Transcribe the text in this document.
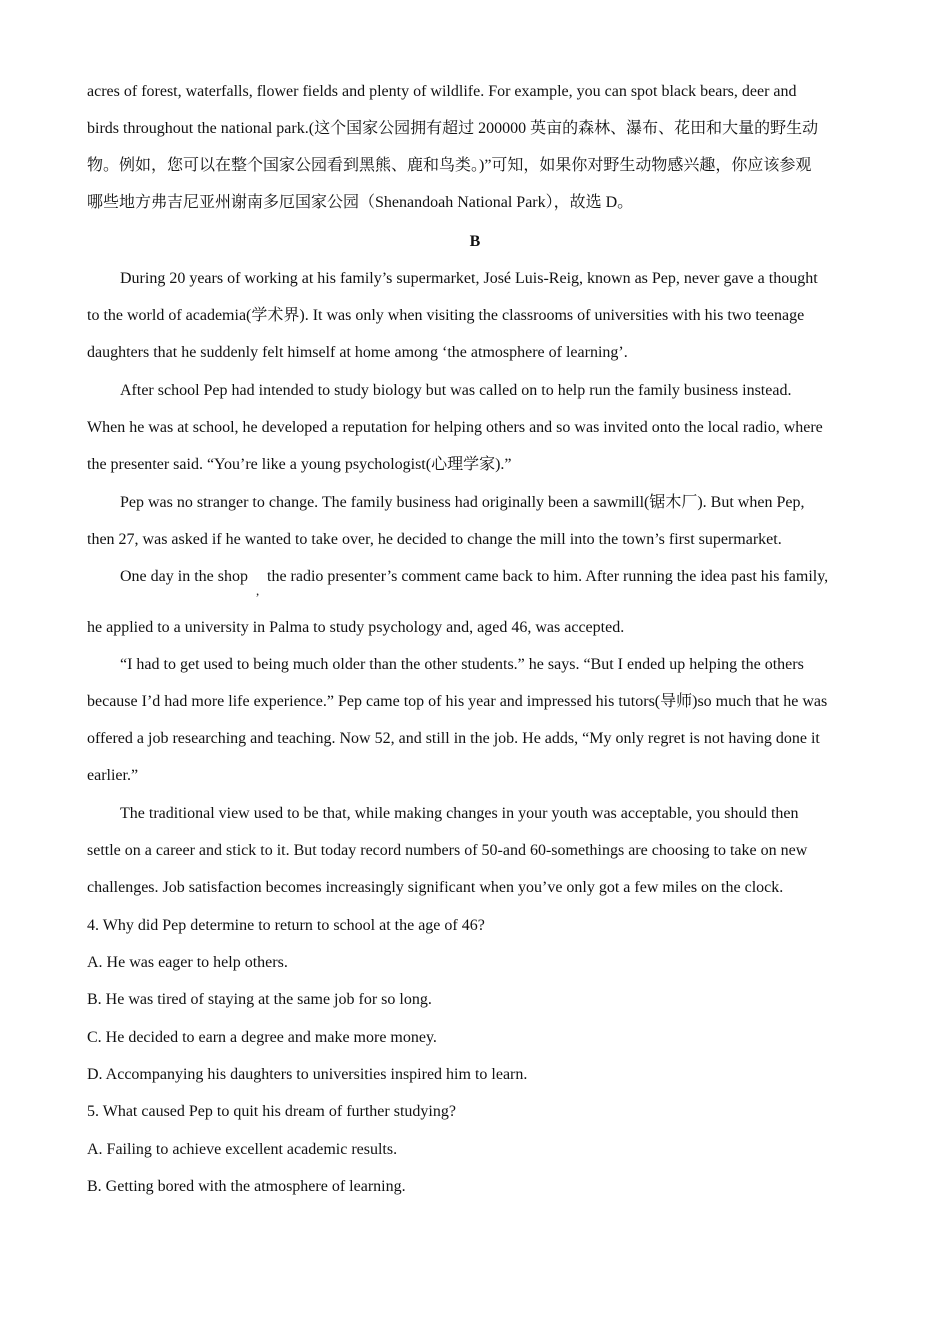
acres of forest, waterfalls, flower fields and plenty of wildlife. For example, you can spot black bears, deer and
birds throughout the national park.(这个国家公园拥有超过 200000 英亩的森林、瀑布、花田和大量的野生动
物。例如，您可以在整个国家公园看到黑熊、鹿和鸟类。)”可知，如果你对野生动物感兴趣，你应该参观
哪些地方弗吉尼亚州谢南多厄国家公园（Shenandoah National Park），故选 D。
B
During 20 years of working at his family’s supermarket, José Luis-Reig, known as Pep, never gave a thought
to the world of academia(学术界). It was only when visiting the classrooms of universities with his two teenage
daughters that he suddenly felt himself at home among ‘the atmosphere of learning’.
After school Pep had intended to study biology but was called on to help run the family business instead.
When he was at school, he developed a reputation for helping others and so was invited onto the local radio, where
the presenter said. “You’re like a young psychologist(心理学家).”
Pep was no stranger to change. The family business had originally been a sawmill(锯木厂). But when Pep,
then 27, was asked if he wanted to take over, he decided to change the mill into the town’s first supermarket.
One day in the shop
,
the radio presenter’s comment came back to him. After running the idea past his family,
he applied to a university in Palma to study psychology and, aged 46, was accepted.
“I had to get used to being much older than the other students.” he says. “But I ended up helping the others
because I’d had more life experience.” Pep came top of his year and impressed his tutors(导师)so much that he was
offered a job researching and teaching. Now 52, and still in the job. He adds, “My only regret is not having done it
earlier.”
The traditional view used to be that, while making changes in your youth was acceptable, you should then
settle on a career and stick to it. But today record numbers of 50-and 60-somethings are choosing to take on new
challenges. Job satisfaction becomes increasingly significant when you’ve only got a few miles on the clock.
4. Why did Pep determine to return to school at the age of 46?
A. He was eager to help others.
B. He was tired of staying at the same job for so long.
C. He decided to earn a degree and make more money.
D. Accompanying his daughters to universities inspired him to learn.
5. What caused Pep to quit his dream of further studying?
A. Failing to achieve excellent academic results.
B. Getting bored with the atmosphere of learning.
